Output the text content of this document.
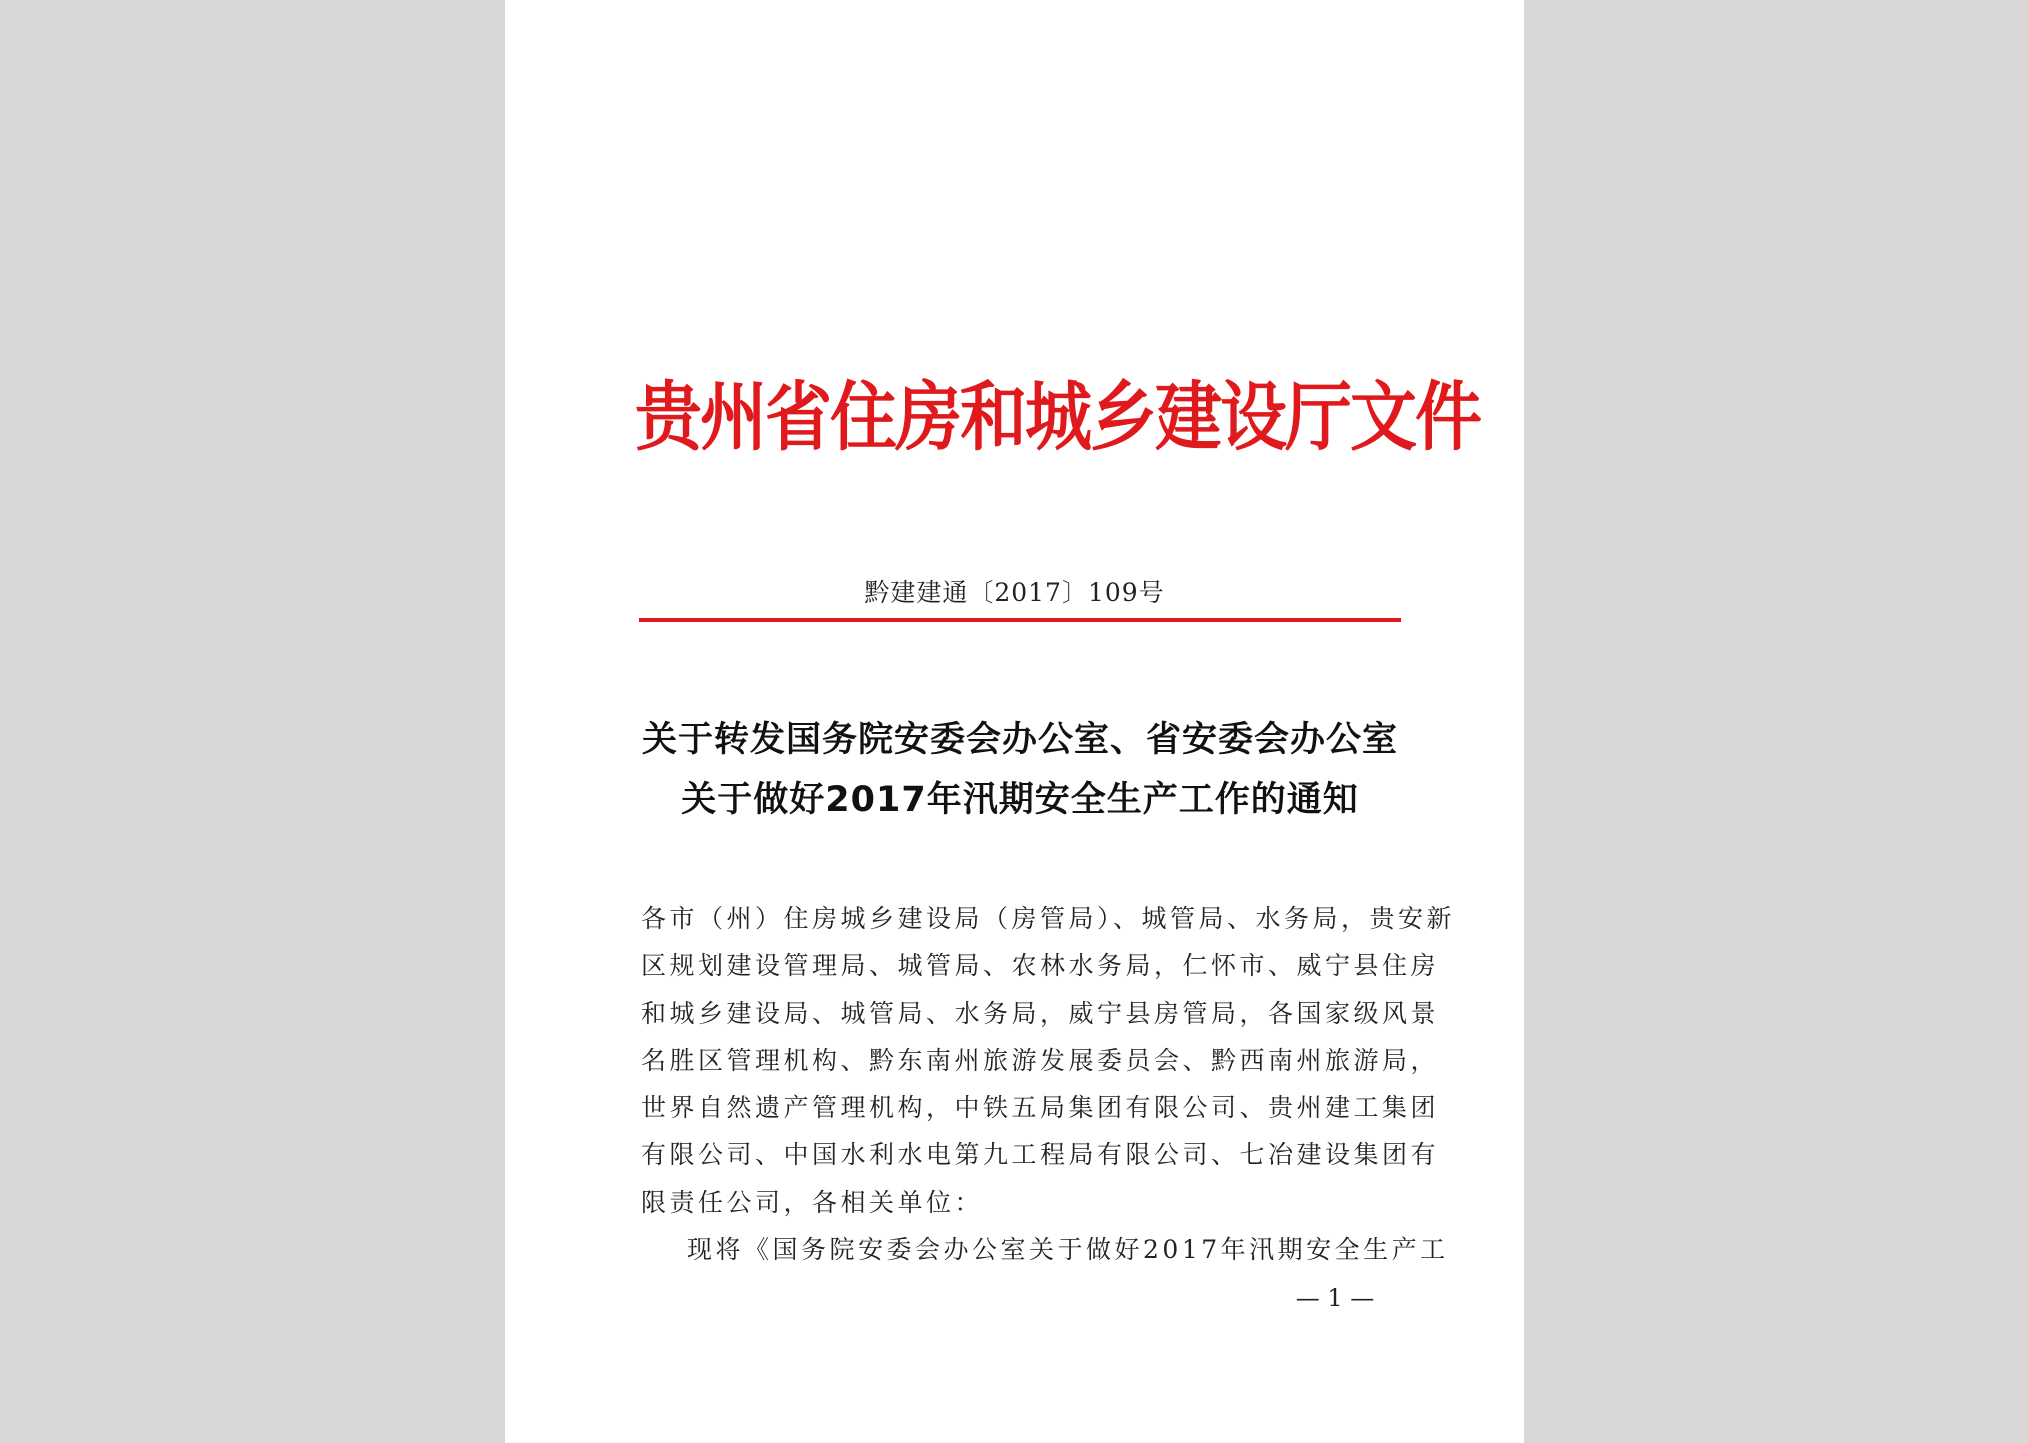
贵州省住房和城乡建设厅文件
黔建建通〔2017〕109号
关于转发国务院安委会办公室、省安委会办公室
关于做好2017年汛期安全生产工作的通知
各市（州）住房城乡建设局（房管局）、城管局、水务局，贵安新
区规划建设管理局、城管局、农林水务局，仁怀市、威宁县住房
和城乡建设局、城管局、水务局，威宁县房管局，各国家级风景
名胜区管理机构、黔东南州旅游发展委员会、黔西南州旅游局，
世界自然遗产管理机构，中铁五局集团有限公司、贵州建工集团
有限公司、中国水利水电第九工程局有限公司、七冶建设集团有
限责任公司，各相关单位：
现将《国务院安委会办公室关于做好2017年汛期安全生产工
— 1 —
